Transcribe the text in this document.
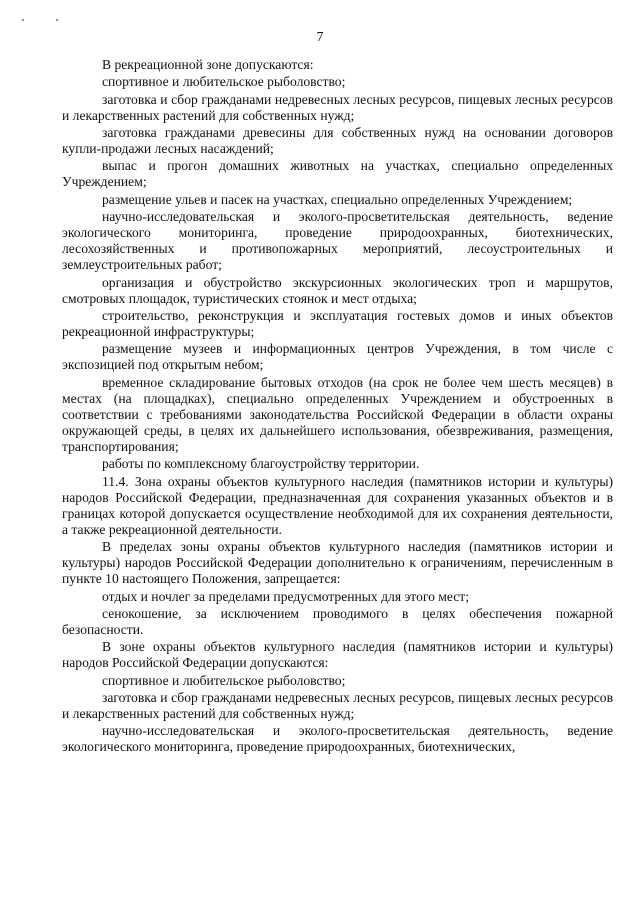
7

В рекреационной зоне допускаются:

спортивное и любительское рыболовство;

заготовка и сбор гражданами недревесных лесных ресурсов, пищевых лесных ресурсов и лекарственных растений для собственных нужд;

заготовка гражданами древесины для собственных нужд на основании договоров купли-продажи лесных насаждений;

выпас и прогон домашних животных на участках, специально определенных Учреждением;

размещение ульев и пасек на участках, специально определенных Учреждением;

научно-исследовательская и эколого-просветительская деятельность, ведение экологического мониторинга, проведение природоохранных, биотехнических, лесохозяйственных и противопожарных мероприятий, лесоустроительных и землеустроительных работ;

организация и обустройство экскурсионных экологических троп и маршрутов, смотровых площадок, туристических стоянок и мест отдыха;

строительство, реконструкция и эксплуатация гостевых домов и иных объектов рекреационной инфраструктуры;

размещение музеев и информационных центров Учреждения, в том числе с экспозицией под открытым небом;

временное складирование бытовых отходов (на срок не более чем шесть месяцев) в местах (на площадках), специально определенных Учреждением и обустроенных в соответствии с требованиями законодательства Российской Федерации в области охраны окружающей среды, в целях их дальнейшего использования, обезвреживания, размещения, транспортирования;

работы по комплексному благоустройству территории.

11.4. Зона охраны объектов культурного наследия (памятников истории и культуры) народов Российской Федерации, предназначенная для сохранения указанных объектов и в границах которой допускается осуществление необходимой для их сохранения деятельности, а также рекреационной деятельности.

В пределах зоны охраны объектов культурного наследия (памятников истории и культуры) народов Российской Федерации дополнительно к ограничениям, перечисленным в пункте 10 настоящего Положения, запрещается:

отдых и ночлег за пределами предусмотренных для этого мест;

сенокошение, за исключением проводимого в целях обеспечения пожарной безопасности.

В зоне охраны объектов культурного наследия (памятников истории и культуры) народов Российской Федерации допускаются:

спортивное и любительское рыболовство;

заготовка и сбор гражданами недревесных лесных ресурсов, пищевых лесных ресурсов и лекарственных растений для собственных нужд;

научно-исследовательская и эколого-просветительская деятельность, ведение экологического мониторинга, проведение природоохранных, биотехнических,
